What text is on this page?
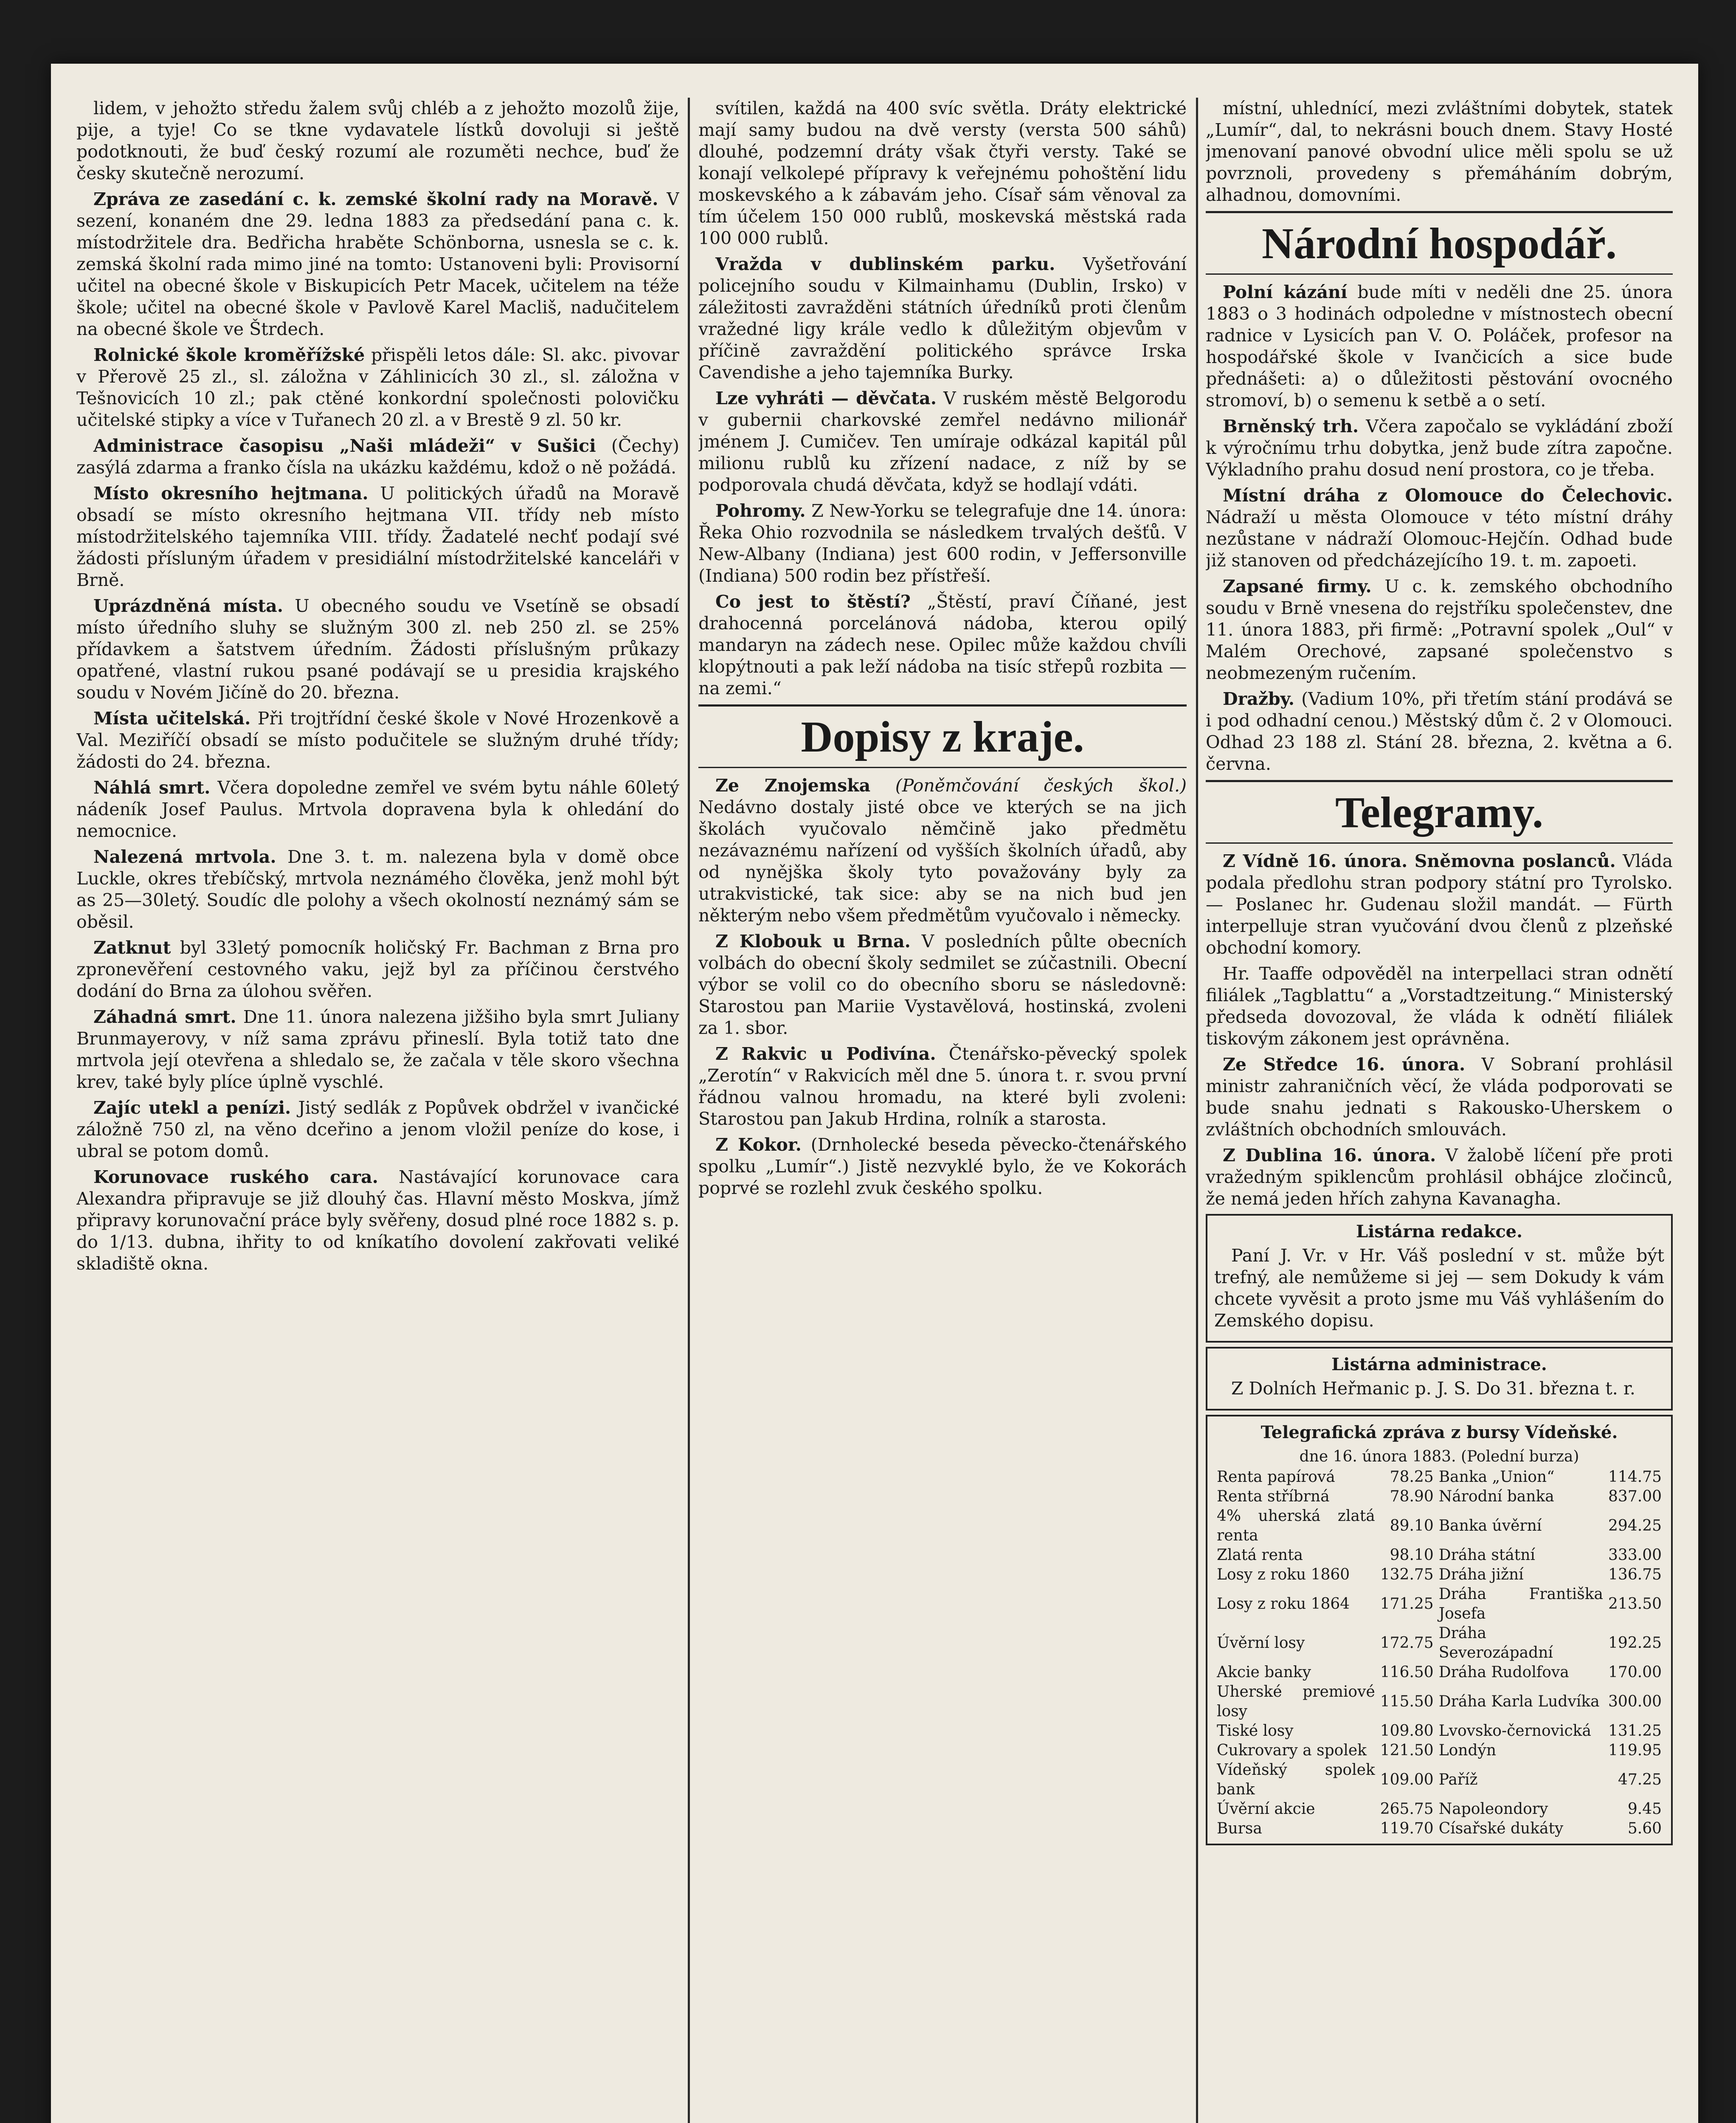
lidem, v jehožto středu žalem svůj chléb a z jehožto mozolů žije, pije, a tyje! Co se tkne vydavatele lístků dovoluji si ještě podotknouti, že buď český rozumí ale rozuměti nechce, buď že česky skutečně nerozumí.

Zpráva ze zasedání c. k. zemské školní rady na Moravě. V sezení, konaném dne 29. ledna 1883 za předsedání pana c. k. místodržitele dra. Bedřicha hraběte Schönborna, usnesla se c. k. zemská školní rada mimo jiné na tomto: Ustanoveni byli: Provisorní učitel na obecné škole v Biskupicích Petr Macek, učitelem na téže škole; učitel na obecné škole v Pavlově Karel Macliš, nadučitelem na obecné škole ve Štrdech.

Rolnické škole kroměřížské přispěli letos dále: Sl. akc. pivovar v Přerově 25 zl., sl. záložna v Záhlinicích 30 zl., sl. záložna v Tešnovicích 10 zl.; pak ctěné konkordní společnosti polovičku učitelské stipky a více v Tuřanech 20 zl. a v Brestě 9 zl. 50 kr.

Administrace časopisu „Naši mládeži“ v Sušici (Čechy) zasýlá zdarma a franko čísla na ukázku každému, kdož o ně požádá.

Místo okresního hejtmana. U politických úřadů na Moravě obsadí se místo okresního hejtmana VII. třídy neb místo místodržitelského tajemníka VIII. třídy. Žadatelé nechť podají své žádosti přísluným úřadem v presidiální místodržitelské kanceláři v Brně.

Uprázdněná místa. U obecného soudu ve Vsetíně se obsadí místo úředního sluhy se služným 300 zl. neb 250 zl. se 25% přídavkem a šatstvem úředním. Žádosti příslušným průkazy opatřené, vlastní rukou psané podávají se u presidia krajského soudu v Novém Jičíně do 20. března.

Místa učitelská. Při trojtřídní české škole v Nové Hrozenkově a Val. Meziříčí obsadí se místo podučitele se služným druhé třídy; žádosti do 24. března.

Náhlá smrt. Včera dopoledne zemřel ve svém bytu náhle 60letý nádeník Josef Paulus. Mrtvola dopravena byla k ohledání do nemocnice.

Nalezená mrtvola. Dne 3. t. m. nalezena byla v domě obce Luckle, okres třebíčský, mrtvola neznámého člověka, jenž mohl být as 25—30letý. Soudíc dle polohy a všech okolností neznámý sám se oběsil.

Zatknut byl 33letý pomocník holičský Fr. Bachman z Brna pro zpronevěření cestovného vaku, jejž byl za příčinou čerstvého dodání do Brna za úlohou svěřen.

Záhadná smrt. Dne 11. února nalezena jižšiho byla smrt Juliany Brunmayerovy, v níž sama zprávu přineslí. Byla totiž tato dne mrtvola její otevřena a shledalo se, že začala v těle skoro všechna krev, také byly plíce úplně vyschlé.

Zajíc utekl a penízi. Jistý sedlák z Popůvek obdržel v ivančické záložně 750 zl, na věno dceřino a jenom vložil peníze do kose, i ubral se potom domů.

Korunovace ruského cara. Nastávající korunovace cara Alexandra připravuje se již dlouhý čas. Hlavní město Moskva, jímž připravy korunovační práce byly svěřeny, dosud plné roce 1882 s. p. do 1/13. dubna, ihřity to od kníkatího dovolení zakřovati veliké skladiště okna.

svítilen, každá na 400 svíc světla. Dráty elektrické mají samy budou na dvě versty (versta 500 sáhů) dlouhé, podzemní dráty však čtyři versty. Také se konají velkolepé přípravy k veřejnému pohoštění lidu moskevského a k zábavám jeho. Císař sám věnoval za tím účelem 150 000 rublů, moskevská městská rada 100 000 rublů.

Vražda v dublinském parku. Vyšetřování policejního soudu v Kilmainhamu (Dublin, Irsko) v záležitosti zavražděni státních úředníků proti členům vražedné ligy krále vedlo k důležitým objevům v příčině zavraždění politického správce Irska Cavendishe a jeho tajemníka Burky.

Lze vyhráti — děvčata. V ruském městě Belgorodu v gubernii charkovské zemřel nedávno milionář jménem J. Cumičev. Ten umíraje odkázal kapitál půl milionu rublů ku zřízení nadace, z níž by se podporovala chudá děvčata, když se hodlají vdáti.

Pohromy. Z New-Yorku se telegrafuje dne 14. února: Řeka Ohio rozvodnila se následkem trvalých dešťů. V New-Albany (Indiana) jest 600 rodin, v Jeffersonville (Indiana) 500 rodin bez přístřeší.

Co jest to štěstí? „Štěstí, praví Číňané, jest drahocenná porcelánová nádoba, kterou opilý mandaryn na zádech nese. Opilec může každou chvíli klopýtnouti a pak leží nádoba na tisíc střepů rozbita — na zemi.“

Dopisy z kraje.

Ze Znojemska (Poněmčování českých škol.) Nedávno dostaly jisté obce ve kterých se na jich školách vyučovalo němčině jako předmětu nezávaznému nařízení od vyšších školních úřadů, aby od nynějška školy tyto považovány byly za utrakvistické, tak sice: aby se na nich bud jen některým nebo všem předmětům vyučovalo i německy.

Z Klobouk u Brna. V posledních půlte obecních volbách do obecní školy sedmilet se zúčastnili. Obecní výbor se volil co do obecního sboru se následovně: Starostou pan Mariie Vystavělová, hostinská, zvoleni za 1. sbor.

Z Rakvic u Podivína. Čtenářsko-pěvecký spolek „Zerotín“ v Rakvicích měl dne 5. února t. r. svou první řádnou valnou hromadu, na které byli zvoleni: Starostou pan Jakub Hrdina, rolník a starosta.

Z Kokor. (Drnholecké beseda pěvecko-čtenářského spolku „Lumír“.) Jistě nezvyklé bylo, že ve Kokorách poprvé se rozlehl zvuk českého spolku.

místní, uhlednící, mezi zvláštními dobytek, statek „Lumír“, dal, to nekrásni bouch dnem. Stavy Hosté jmenovaní panové obvodní ulice měli spolu se už povrznoli, provedeny s přemáháním dobrým, alhadnou, domovními.

Národní hospodář.

Polní kázání bude míti v neděli dne 25. února 1883 o 3 hodinách odpoledne v místnostech obecní radnice v Lysicích pan V. O. Poláček, profesor na hospodářské škole v Ivančicích a sice bude přednášeti: a) o důležitosti pěstování ovocného stromoví, b) o semenu k setbě a o setí.

Brněnský trh. Včera započalo se vykládání zboží k výročnímu trhu dobytka, jenž bude zítra započne. Výkladního prahu dosud není prostora, co je třeba.

Místní dráha z Olomouce do Čelechovic. Nádraží u města Olomouce v této místní dráhy nezůstane v nádraží Olomouc-Hejčín. Odhad bude již stanoven od předcházejícího 19. t. m. zapoeti.

Zapsané firmy. U c. k. zemského obchodního soudu v Brně vnesena do rejstříku společenstev, dne 11. února 1883, při firmě: „Potravní spolek „Oul“ v Malém Orechové, zapsané společenstvo s neobmezeným ručením.

Dražby. (Vadium 10%, při třetím stání prodává se i pod odhadní cenou.) Městský dům č. 2 v Olomouci. Odhad 23 188 zl. Stání 28. března, 2. května a 6. června.

Telegramy.

Z Vídně 16. února. Sněmovna poslanců. Vláda podala předlohu stran podpory státní pro Tyrolsko. — Poslanec hr. Gudenau složil mandát. — Fürth interpelluje stran vyučování dvou členů z plzeňské obchodní komory.

Hr. Taaffe odpověděl na interpellaci stran odnětí filiálek „Tagblattu“ a „Vorstadtzeitung.“ Ministerský předseda dovozoval, že vláda k odnětí filiálek tiskovým zákonem jest oprávněna.

Ze Středce 16. února. V Sobraní prohlásil ministr zahraničních věcí, že vláda podporovati se bude snahu jednati s Rakousko-Uherskem o zvláštních obchodních smlouvách.

Z Dublina 16. února. V žalobě líčení pře proti vražedným spiklencům prohlásil obhájce zločinců, že nemá jeden hřích zahyna Kavanagha.

Listárna redakce.

Paní J. Vr. v Hr. Váš poslední v st. může být trefný, ale nemůžeme si jej — sem Dokudy k vám chcete vyvěsit a proto jsme mu Váš vyhlášením do Zemského dopisu.

Listárna administrace.

Z Dolních Heřmanic p. J. S. Do 31. března t. r.

Telegrafická zpráva z bursy Vídeňské.
dne 16. února 1883. (Polední burza)
Renta papírová	78.25	Banka „Union“	114.75
Renta stříbrná	78.90	Národní banka	837.00
4% uherská zlatá renta	89.10	Banka úvěrní	294.25
Zlatá renta	98.10	Dráha státní	333.00
Losy z roku 1860	132.75	Dráha jižní	136.75
Losy z roku 1864	171.25	Dráha Františka Josefa	213.50
Úvěrní losy	172.75	Dráha Severozápadní	192.25
Akcie banky	116.50	Dráha Rudolfova	170.00
Uherské premiové losy	115.50	Dráha Karla Ludvíka	300.00
Tiské losy	109.80	Lvovsko-černovická	131.25
Cukrovary a spolek	121.50	Londýn	119.95
Vídeňský spolek bank	109.00	Paříž	47.25
Úvěrní akcie	265.75	Napoleondory	9.45
Bursa	119.70	Císařské dukáty	5.60
